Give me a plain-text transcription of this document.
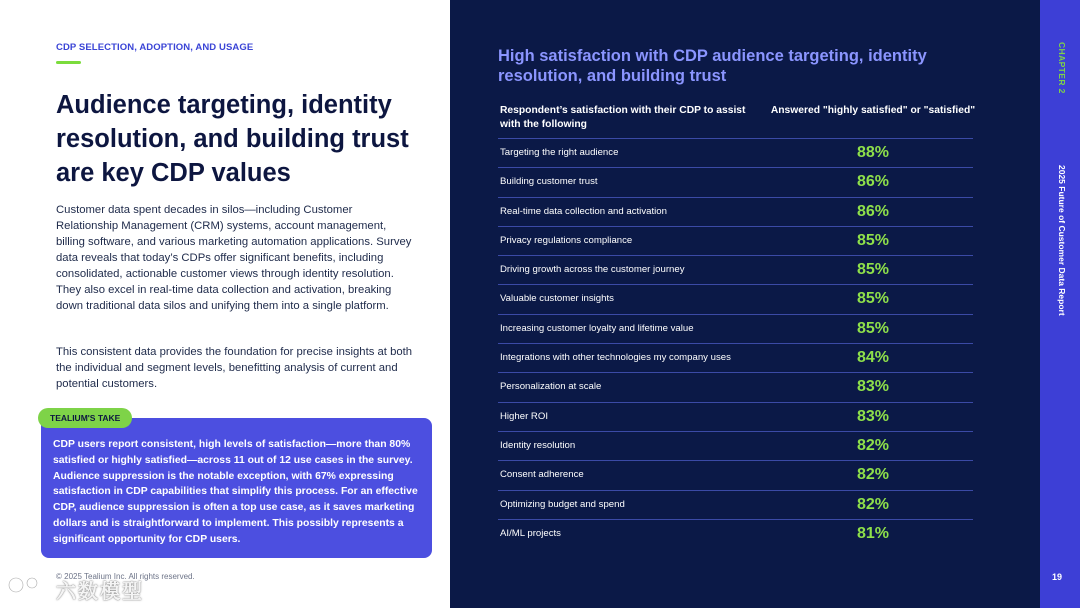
CDP SELECTION, ADOPTION, AND USAGE
Audience targeting, identity resolution, and building trust are key CDP values

Customer data spent decades in silos—including Customer Relationship Management (CRM) systems, account management, billing software, and various marketing automation applications. Survey data reveals that today’s CDPs offer significant benefits, including consolidated, actionable customer views through identity resolution. They also excel in real-time data collection and activation, breaking down traditional data silos and unifying them into a single platform.

This consistent data provides the foundation for precise insights at both the individual and segment levels, benefitting analysis of current and potential customers.

TEALIUM'S TAKE

CDP users report consistent, high levels of satisfaction—more than 80% satisfied or highly satisfied—across 11 out of 12 use cases in the survey. Audience suppression is the notable exception, with 67% expressing satisfaction in CDP capabilities that simplify this process. For an effective CDP, audience suppression is often a top use case, as it saves marketing dollars and is straightforward to implement. This possibly represents a significant opportunity for CDP users.

© 2025 Tealium Inc. All rights reserved.
六数模型
High satisfaction with CDP audience targeting, identity resolution, and building trust
Respondent’s satisfaction with their CDP to assist with the following
Answered "highly satisfied" or "satisfied"
Targeting the right audience	88%
Building customer trust	86%
Real-time data collection and activation	86%
Privacy regulations compliance	85%
Driving growth across the customer journey	85%
Valuable customer insights	85%
Increasing customer loyalty and lifetime value	85%
Integrations with other technologies my company uses	84%
Personalization at scale	83%
Higher ROI	83%
Identity resolution	82%
Consent adherence	82%
Optimizing budget and spend	82%
AI/ML projects	81%
CHAPTER 2
2025 Future of Customer Data Report
19
